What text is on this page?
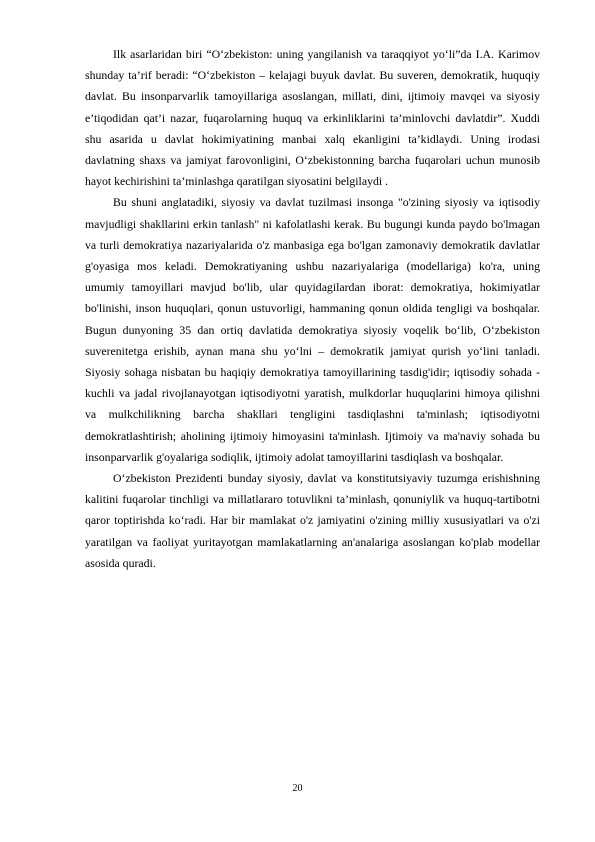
Ilk asarlaridan biri “O‘zbekiston: uning yangilanish va taraqqiyot yo‘li”da I.A. Karimov shunday ta’rif beradi: “O‘zbekiston – kelajagi buyuk davlat. Bu suveren, demokratik, huquqiy davlat. Bu insonparvarlik tamoyillariga asoslangan, millati, dini, ijtimoiy mavqei va siyosiy e’tiqodidan qat’i nazar, fuqarolarning huquq va erkinliklarini ta’minlovchi davlatdir”. Xuddi shu asarida u davlat hokimiyatining manbai xalq ekanligini ta’kidlaydi. Uning irodasi davlatning shaxs va jamiyat farovonligini, O‘zbekistonning barcha fuqarolari uchun munosib hayot kechirishini ta’minlashga qaratilgan siyosatini belgilaydi .

Bu shuni anglatadiki, siyosiy va davlat tuzilmasi insonga "o'zining siyosiy va iqtisodiy mavjudligi shakllarini erkin tanlash" ni kafolatlashi kerak. Bu bugungi kunda paydo bo'lmagan va turli demokratiya nazariyalarida o'z manbasiga ega bo'lgan zamonaviy demokratik davlatlar g'oyasiga mos keladi. Demokratiyaning ushbu nazariyalariga (modellariga) ko'ra, uning umumiy tamoyillari mavjud bo'lib, ular quyidagilardan iborat: demokratiya, hokimiyatlar bo'linishi, inson huquqlari, qonun ustuvorligi, hammaning qonun oldida tengligi va boshqalar. Bugun dunyoning 35 dan ortiq davlatida demokratiya siyosiy voqelik bo‘lib, O‘zbekiston suverenitetga erishib, aynan mana shu yo‘lni – demokratik jamiyat qurish yo‘lini tanladi. Siyosiy sohaga nisbatan bu haqiqiy demokratiya tamoyillarining tasdig'idir; iqtisodiy sohada - kuchli va jadal rivojlanayotgan iqtisodiyotni yaratish, mulkdorlar huquqlarini himoya qilishni va mulkchilikning barcha shakllari tengligini tasdiqlashni ta'minlash; iqtisodiyotni demokratlashtirish; aholining ijtimoiy himoyasini ta'minlash. Ijtimoiy va ma'naviy sohada bu insonparvarlik g'oyalariga sodiqlik, ijtimoiy adolat tamoyillarini tasdiqlash va boshqalar.

O‘zbekiston Prezidenti bunday siyosiy, davlat va konstitutsiyaviy tuzumga erishishning kalitini fuqarolar tinchligi va millatlararo totuvlikni ta’minlash, qonuniylik va huquq-tartibotni qaror toptirishda ko‘radi. Har bir mamlakat o'z jamiyatini o'zining milliy xususiyatlari va o'zi yaratilgan va faoliyat yuritayotgan mamlakatlarning an'analariga asoslangan ko'plab modellar asosida quradi.

20
